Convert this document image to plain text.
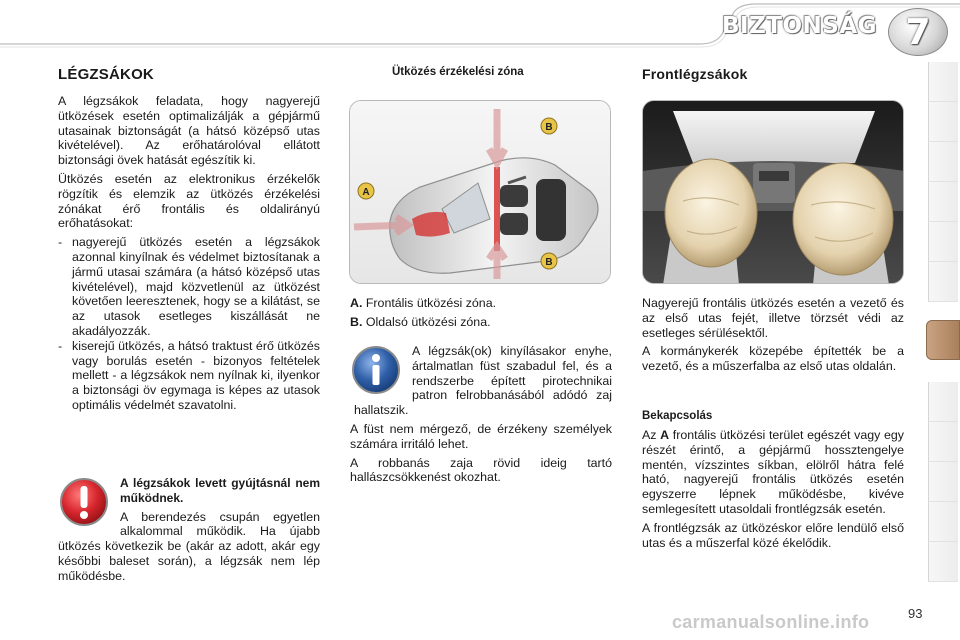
BIZTONSÁG 7
LÉGZSÁKOK

A légzsákok feladata, hogy nagyerejű ütközések esetén optimalizálják a gépjármű utasainak biztonságát (a hátsó középső utas kivételével). Az erőhatárolóval ellátott biztonsági övek hatását egészítik ki.

Ütközés esetén az elektronikus érzékelők rögzítik és elemzik az ütközés érzékelési zónákat érő frontális és oldalirányú erőhatásokat:

- nagyerejű ütközés esetén a légzsákok azonnal kinyílnak és védelmet biztosítanak a jármű utasai számára (a hátsó középső utas kivételével), majd közvetlenül az ütközést követően leeresztenek, hogy se a kilátást, se az utasok esetleges kiszállását ne akadályozzák.
- kiserejű ütközés, a hátsó traktust érő ütközés vagy borulás esetén - bizonyos feltételek mellett - a légzsákok nem nyílnak ki, ilyenkor a biztonsági öv egymaga is képes az utasok optimális védelmét szavatolni.

A légzsákok levett gyújtásnál nem működnek.

A berendezés csupán egyetlen alkalommal működik. Ha újabb ütközés következik be (akár az adott, akár egy későbbi baleset során), a légzsák nem lép működésbe.

Ütközés érzékelési zóna
B
B
A

A. Frontális ütközési zóna.

B. Oldalsó ütközési zóna.

A légzsák(ok) kinyílásakor enyhe, ártalmatlan füst szabadul fel, és a rendszerbe épített pirotechnikai patron felrobbanásából adódó zaj hallatszik.

A füst nem mérgező, de érzékeny személyek számára irritáló lehet.

A robbanás zaja rövid ideig tartó hallászcsökkenést okozhat.

Frontlégzsákok

Nagyerejű frontális ütközés esetén a vezető és az első utas fejét, illetve törzsét védi az esetleges sérülésektől.

A kormánykerék közepébe építették be a vezető, és a műszerfalba az első utas oldalán.

Bekapcsolás

Az A frontális ütközési terület egészét vagy egy részét érintő, a gépjármű hossztengelye mentén, vízszintes síkban, elölről hátra felé ható, nagyerejű frontális ütközés esetén egyszerre lépnek működésbe, kivéve semlegesített utasoldali frontlégzsák esetén.

A frontlégzsák az ütközéskor előre lendülő első utas és a műszerfal közé ékelődik.

carmanualsonline.info	93
